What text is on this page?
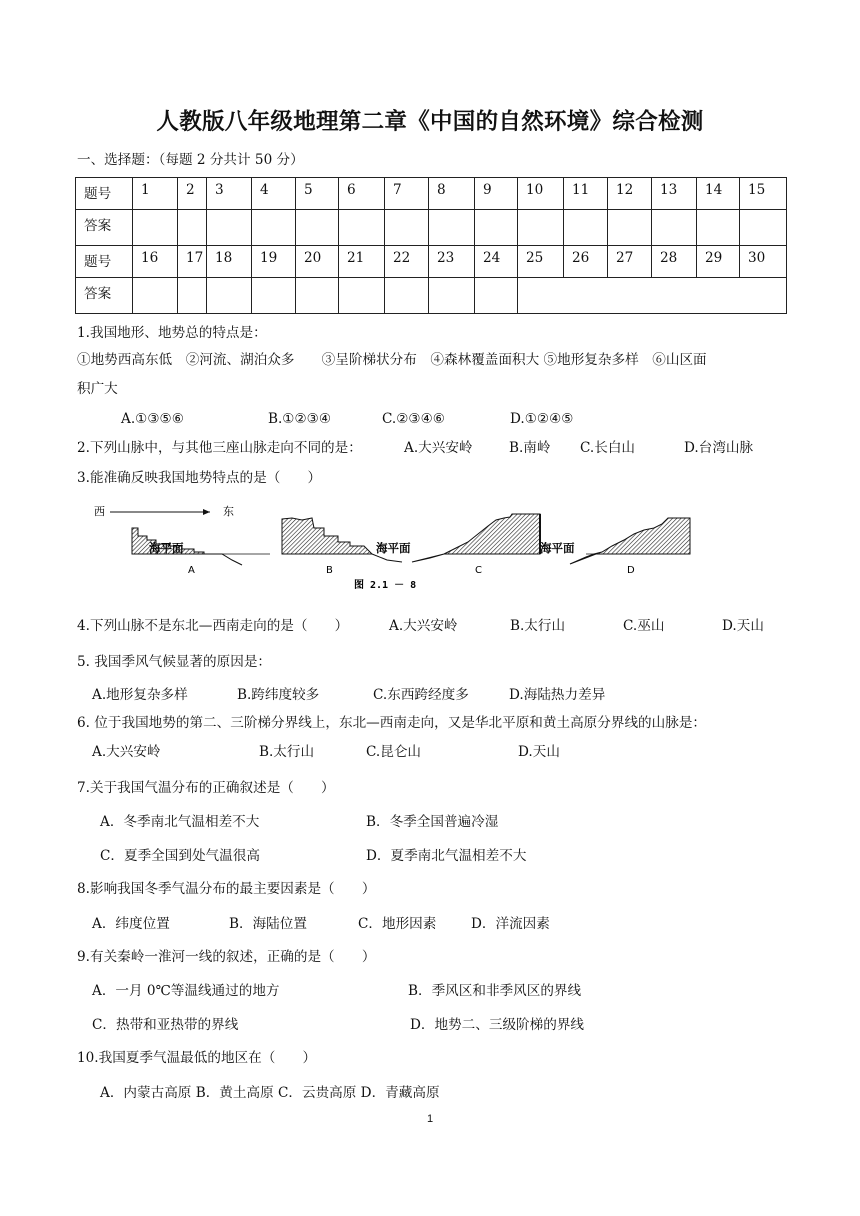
人教版八年级地理第二章《中国的自然环境》综合检测
一、选择题：（每题 2 分共计 50 分）
题号	1	2	3	4	5	6	7	8	9	10	11	12	13	14	15
答案															
题号	16	17	18	19	20	21	22	23	24	25	26	27	28	29	30
答案															
1.我国地形、地势总的特点是：
①地势西高东低　②河流、湖泊众多　　③呈阶梯状分布　④森林覆盖面积大 ⑤地形复杂多样　⑥山区面
积广大
A.①③⑤⑥	B.①②③④	C.②③④⑥	D.①②④⑤
2.下列山脉中，与其他三座山脉走向不同的是：	A.大兴安岭	B.南岭 C.长白山	D.台湾山脉
3.能准确反映我国地势特点的是（　　）
西	东
海平面	海平面
A	B	C
图 2.1 － 8
海平面
D
4.下列山脉不是东北—西南走向的是（　　）	A.大兴安岭	B.太行山	C.巫山	D.天山
5. 我国季风气候显著的原因是：
A.地形复杂多样	B.跨纬度较多	C.东西跨经度多	D.海陆热力差异
6. 位于我国地势的第二、三阶梯分界线上，东北—西南走向，又是华北平原和黄土高原分界线的山脉是：
A.大兴安岭	B.太行山	C.昆仑山	D.天山
7.关于我国气温分布的正确叙述是（　　）
A．冬季南北气温相差不大	B．冬季全国普遍冷湿
C．夏季全国到处气温很高	D．夏季南北气温相差不大
8.影响我国冬季气温分布的最主要因素是（　　）
A．纬度位置	B．海陆位置	C．地形因素	D．洋流因素
9.有关秦岭一淮河一线的叙述，正确的是（　　）
A．一月 0℃等温线通过的地方	B．季风区和非季风区的界线
C．热带和亚热带的界线	D．地势二、三级阶梯的界线
10.我国夏季气温最低的地区在（　　）
A．内蒙古高原 B．黄土高原 C．云贵高原 D．青藏高原
1
